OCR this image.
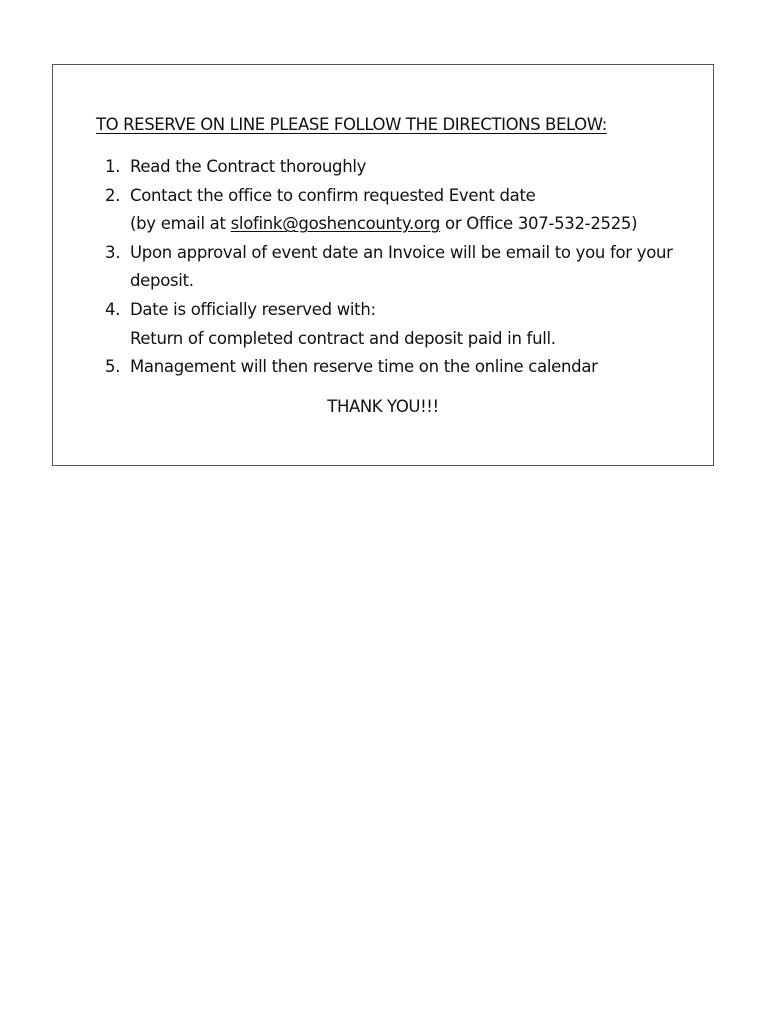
TO RESERVE ON LINE PLEASE FOLLOW THE DIRECTIONS BELOW:
1. Read the Contract thoroughly
2. Contact the office to confirm requested Event date
(by email at slofink@goshencounty.org or Office 307-532-2525)
3. Upon approval of event date an Invoice will be email to you for your
deposit.
4. Date is officially reserved with:
Return of completed contract and deposit paid in full.
5. Management will then reserve time on the online calendar
THANK YOU!!!
